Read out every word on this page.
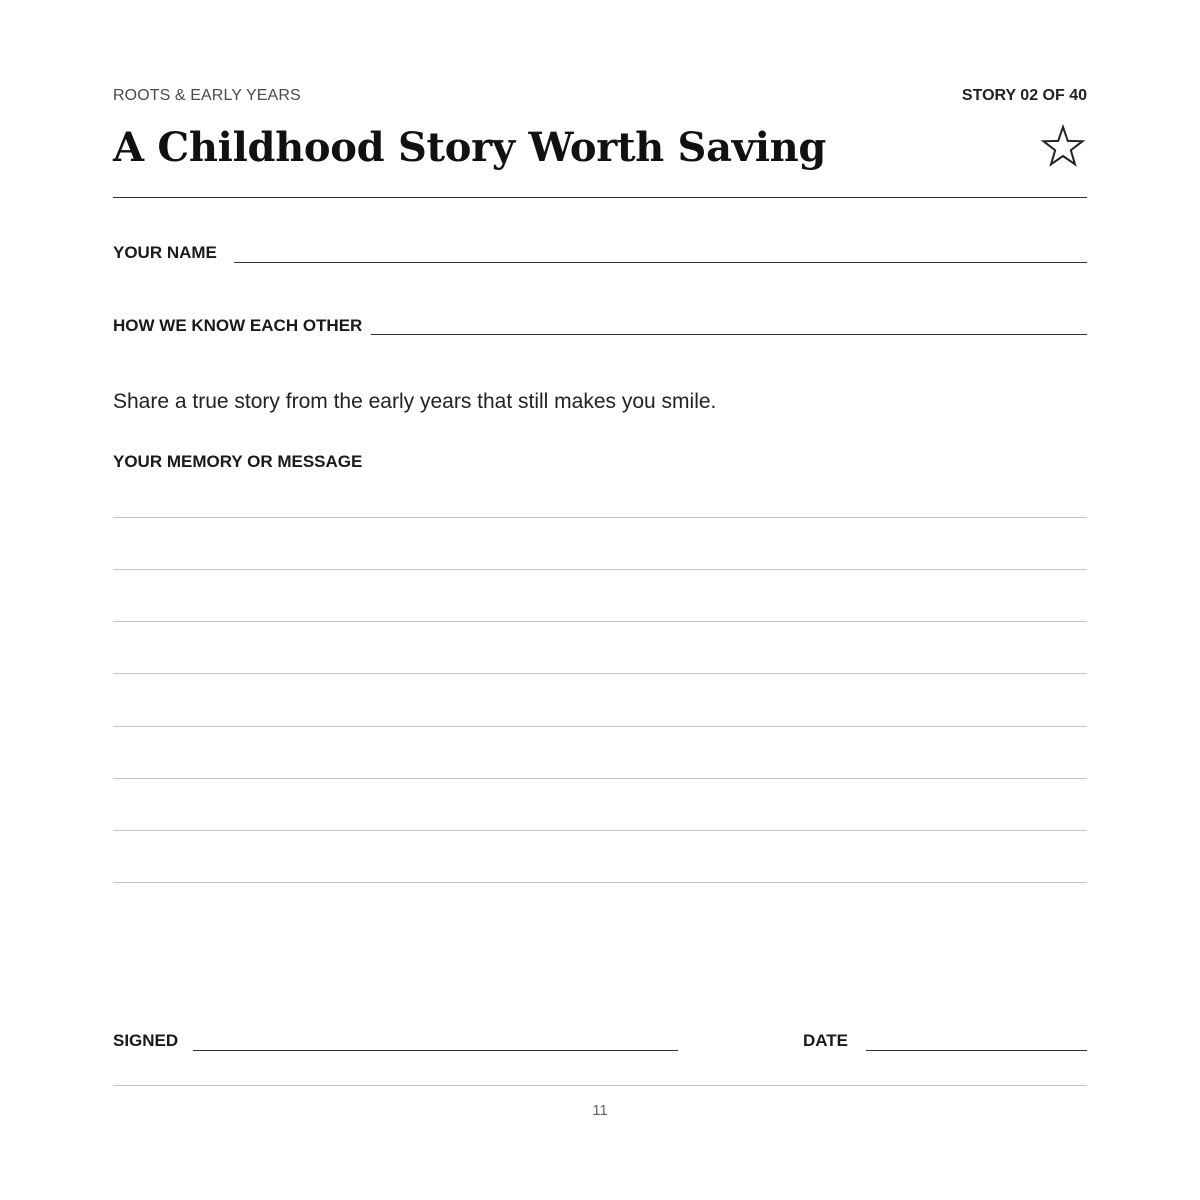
ROOTS & EARLY YEARS	STORY 02 OF 40
A Childhood Story Worth Saving
YOUR NAME
HOW WE KNOW EACH OTHER
Share a true story from the early years that still makes you smile.
YOUR MEMORY OR MESSAGE
SIGNED	DATE
11
